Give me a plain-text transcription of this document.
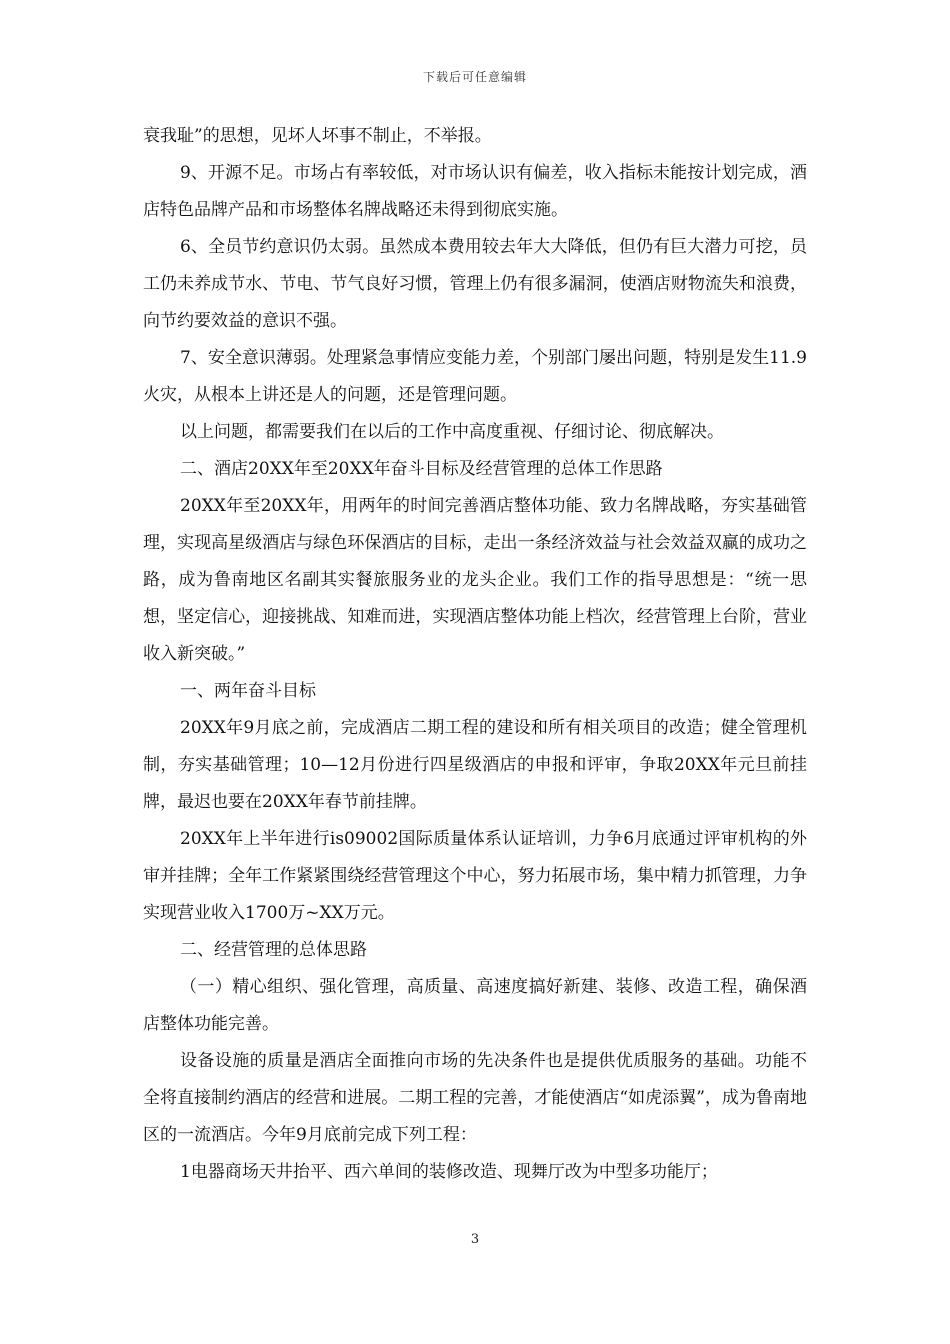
下载后可任意编辑

衰我耻”的思想，见坏人坏事不制止，不举报。

9、开源不足。市场占有率较低，对市场认识有偏差，收入指标未能按计划完成，酒店特色品牌产品和市场整体名牌战略还未得到彻底实施。

6、全员节约意识仍太弱。虽然成本费用较去年大大降低，但仍有巨大潜力可挖，员工仍未养成节水、节电、节气良好习惯，管理上仍有很多漏洞，使酒店财物流失和浪费，向节约要效益的意识不强。

7、安全意识薄弱。处理紧急事情应变能力差，个别部门屡出问题，特别是发生11.9火灾，从根本上讲还是人的问题，还是管理问题。

以上问题，都需要我们在以后的工作中高度重视、仔细讨论、彻底解决。

二、酒店20XX年至20XX年奋斗目标及经营管理的总体工作思路

20XX年至20XX年，用两年的时间完善酒店整体功能、致力名牌战略，夯实基础管理，实现高星级酒店与绿色环保酒店的目标，走出一条经济效益与社会效益双赢的成功之路，成为鲁南地区名副其实餐旅服务业的龙头企业。我们工作的指导思想是：“统一思想，坚定信心，迎接挑战、知难而进，实现酒店整体功能上档次，经营管理上台阶，营业收入新突破。”

一、两年奋斗目标

20XX年9月底之前，完成酒店二期工程的建设和所有相关项目的改造；健全管理机制，夯实基础管理；10—12月份进行四星级酒店的申报和评审，争取20XX年元旦前挂牌，最迟也要在20XX年春节前挂牌。

20XX年上半年进行is09002国际质量体系认证培训，力争6月底通过评审机构的外审并挂牌；全年工作紧紧围绕经营管理这个中心，努力拓展市场，集中精力抓管理，力争实现营业收入1700万~XX万元。

二、经营管理的总体思路

（一）精心组织、强化管理，高质量、高速度搞好新建、装修、改造工程，确保酒店整体功能完善。

设备设施的质量是酒店全面推向市场的先决条件也是提供优质服务的基础。功能不全将直接制约酒店的经营和进展。二期工程的完善，才能使酒店“如虎添翼”，成为鲁南地区的一流酒店。今年9月底前完成下列工程：

1电器商场天井抬平、西六单间的装修改造、现舞厅改为中型多功能厅；

3
